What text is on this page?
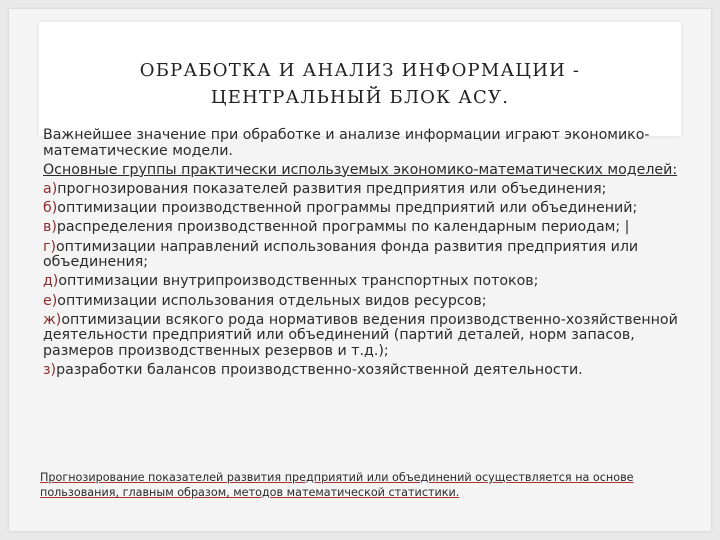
ОБРАБОТКА И АНАЛИЗ ИНФОРМАЦИИ -
ЦЕНТРАЛЬНЫЙ БЛОК АСУ.

Важнейшее значение при обработке и анализе информации играют экономико-математические модели.

Основные группы практически используемых экономико-математических моделей:

а)прогнозирования показателей развития предприятия или объединения;

б)оптимизации производственной программы предприятий или объединений;

в)распределения производственной программы по календарным периодам; |

г)оптимизации направлений использования фонда развития предприятия или объединения;

д)оптимизации внутрипроизводственных транспортных потоков;

е)оптимизации использования отдельных видов ресурсов;

ж)оптимизации всякого рода нормативов ведения производственно-хозяйственной деятельности предприятий или объединений (партий деталей, норм запасов, размеров производственных резервов и т.д.);

з)разработки балансов производственно-хозяйственной деятельности.

Прогнозирование показателей развития предприятий или объединений осуществляется на основе пользования, главным образом, методов математической статистики.
